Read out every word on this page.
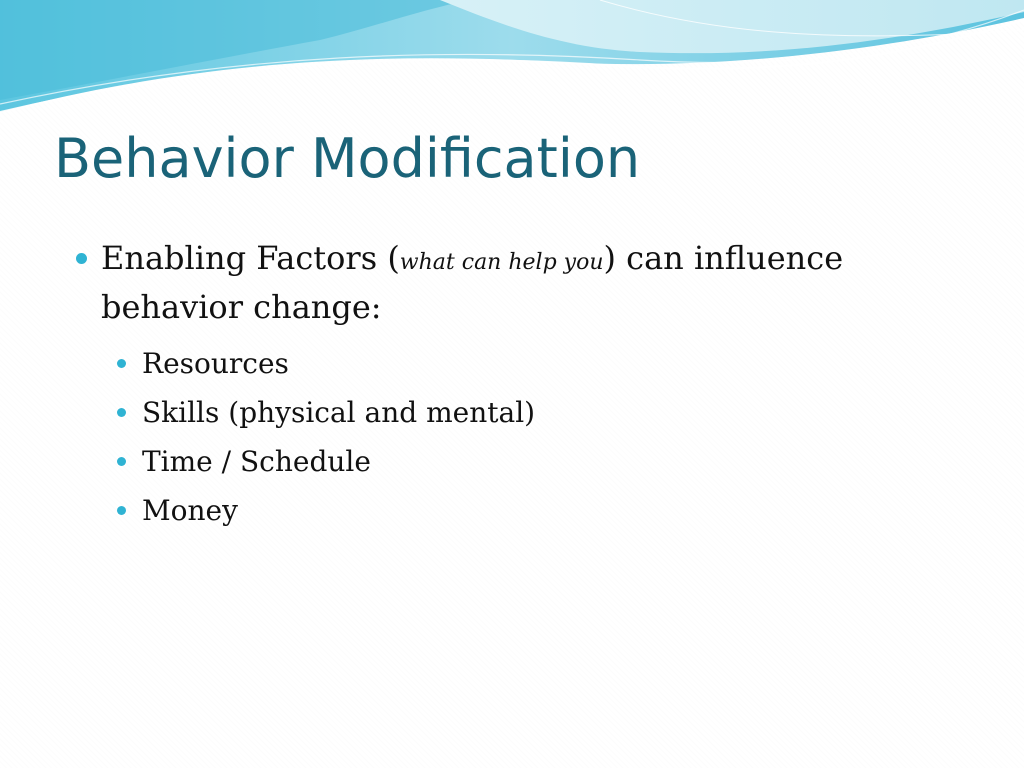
Behavior Modification

Enabling Factors (what can help you) can influence behavior change:

Resources
Skills (physical and mental)
Time / Schedule
Money
